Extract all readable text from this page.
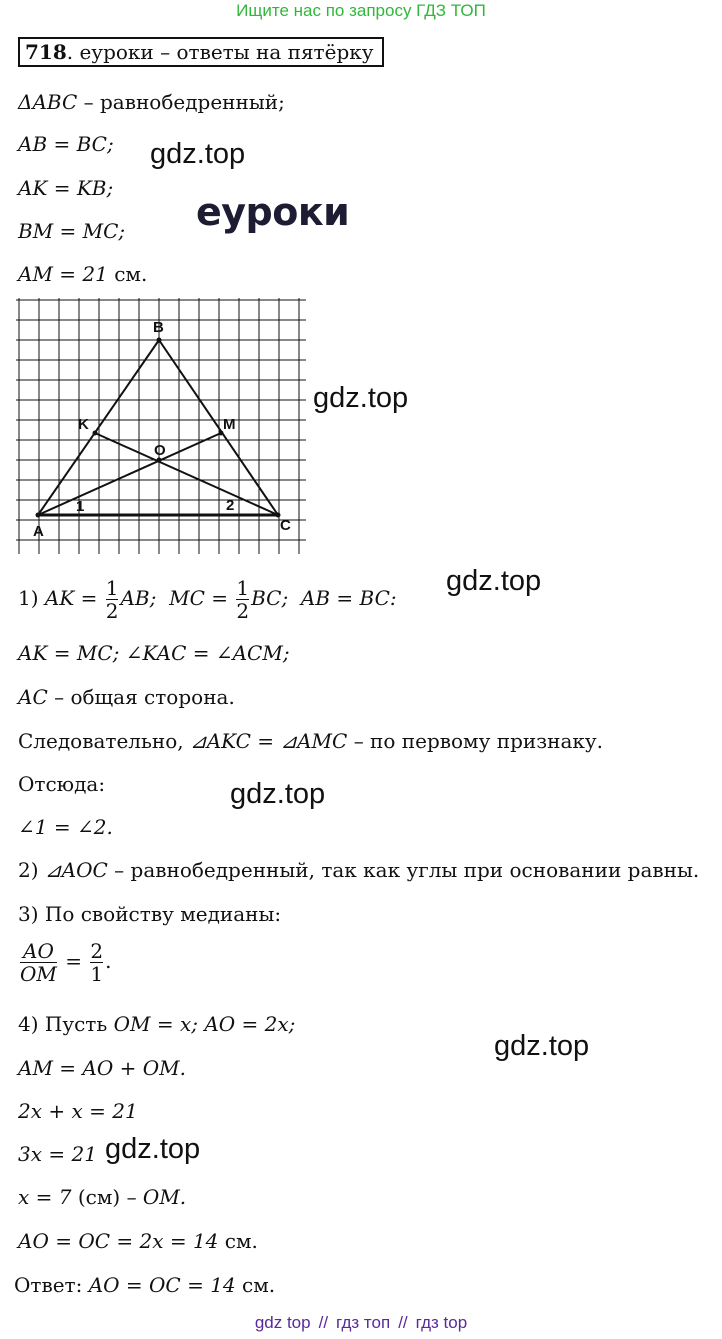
Ищите нас по запросу ГДЗ ТОП
718. еуроки – ответы на пятёрку
ΔABC – равнобедренный;
AB = BC;
AK = KB;
BM = MC;
AM = 21 см.
gdz.top
еуроки
gdz.top
gdz.top
gdz.top
gdz.top
gdz.top
B
K	M
O
A	C
1	2
1) AK = $\frac{1}{2}$ AB; MC = $\frac{1}{2}$ BC; AB = BC:
AK = MC; ∠KAC = ∠ACM;
AC – общая сторона.
Следовательно, ⊿AKC = ⊿AMC – по первому признаку.
Отсюда:
∠1 = ∠2.
2) ⊿AOC – равнобедренный, так как углы при основании равны.
3) По свойству медианы:
$\frac{AO}{OM} = \frac{2}{1}$ .
4) Пусть OM = x; AO = 2x;
AM = AO + OM.
2x + x = 21
3x = 21
x = 7 (см) – OM.
AO = OC = 2x = 14 см.
Ответ: AO = OC = 14 см.
gdz top // гдз топ // гдз top
